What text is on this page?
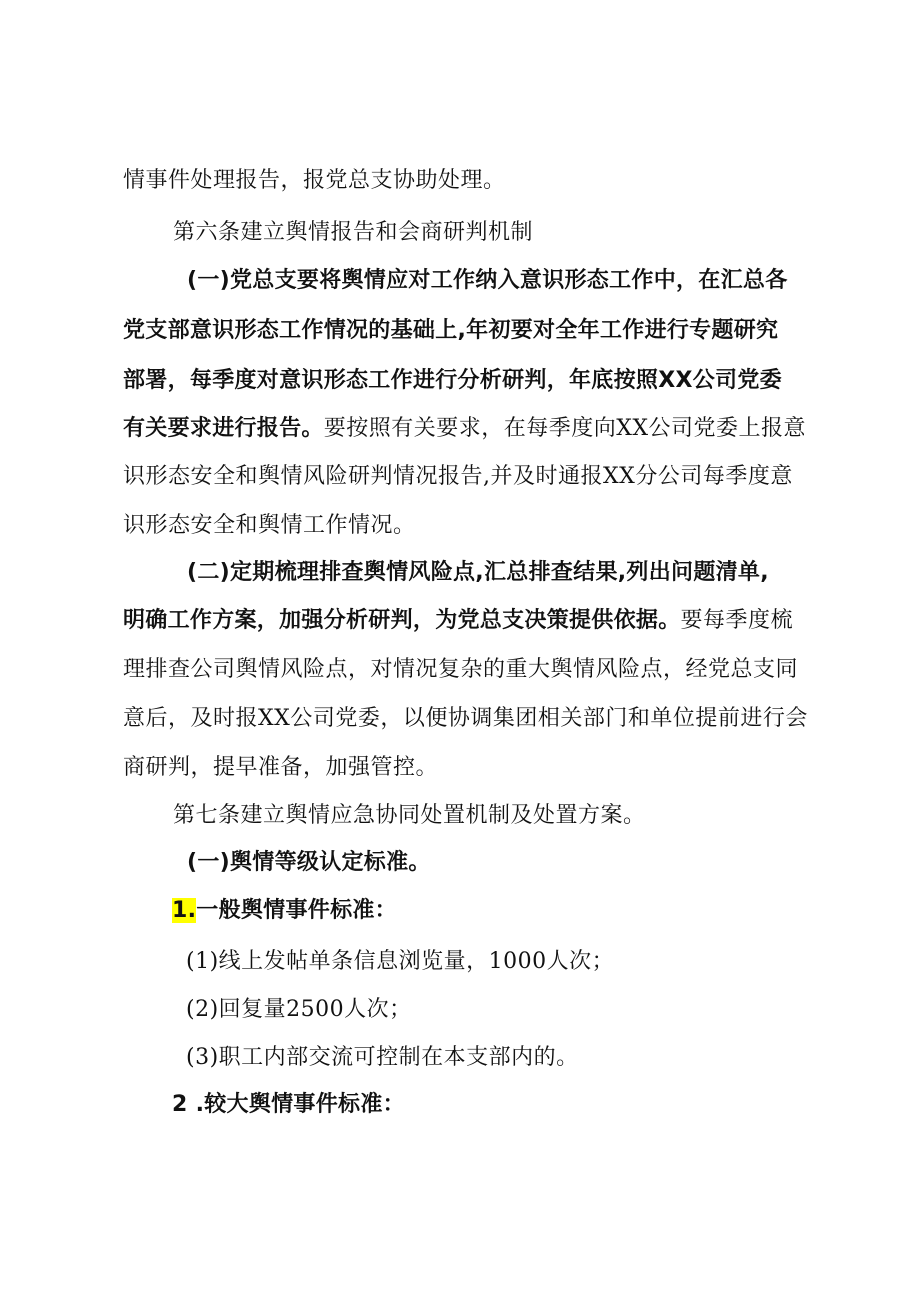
情事件处理报告，报党总支协助处理。
第六条建立舆情报告和会商研判机制
(一)党总支要将舆情应对工作纳入意识形态工作中，在汇总各
党支部意识形态工作情况的基础上,年初要对全年工作进行专题研究
部署，每季度对意识形态工作进行分析研判，年底按照XX公司党委
有关要求进行报告。要按照有关要求，在每季度向XX公司党委上报意
识形态安全和舆情风险研判情况报告,并及时通报XX分公司每季度意
识形态安全和舆情工作情况。
(二)定期梳理排查舆情风险点,汇总排查结果,列出问题清单,
明确工作方案，加强分析研判，为党总支决策提供依据。要每季度梳
理排查公司舆情风险点，对情况复杂的重大舆情风险点，经党总支同
意后，及时报XX公司党委，以便协调集团相关部门和单位提前进行会
商研判，提早准备，加强管控。
第七条建立舆情应急协同处置机制及处置方案。
(一)舆情等级认定标准。
1.一般舆情事件标准：
(1)线上发帖单条信息浏览量，1000人次；
(2)回复量2500人次；
(3)职工内部交流可控制在本支部内的。
2 .较大舆情事件标准：
